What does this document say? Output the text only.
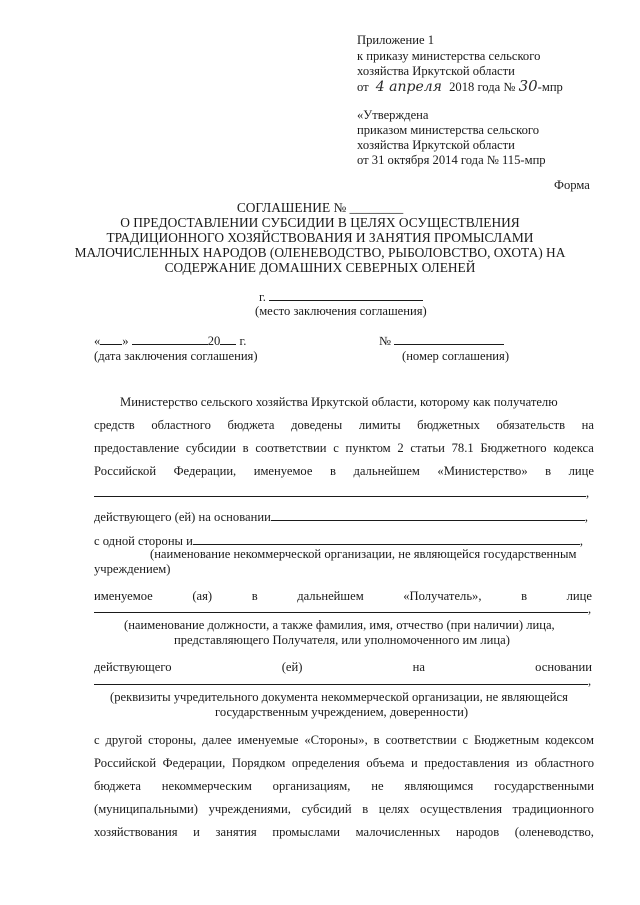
Приложение 1
к приказу министерства сельского
хозяйства Иркутской области
от 4 апреля 2018 года № 30-мпр
«Утверждена
приказом министерства сельского
хозяйства Иркутской области
от 31 октября 2014 года № 115-мпр
Форма
СОГЛАШЕНИЕ № ________
О ПРЕДОСТАВЛЕНИИ СУБСИДИИ В ЦЕЛЯХ ОСУЩЕСТВЛЕНИЯ
ТРАДИЦИОННОГО ХОЗЯЙСТВОВАНИЯ И ЗАНЯТИЯ ПРОМЫСЛАМИ
МАЛОЧИСЛЕННЫХ НАРОДОВ (ОЛЕНЕВОДСТВО, РЫБОЛОВСТВО, ОХОТА) НА
СОДЕРЖАНИЕ ДОМАШНИХ СЕВЕРНЫХ ОЛЕНЕЙ
г.
(место заключения соглашения)
« »	20 г.	№
(дата заключения соглашения)	(номер соглашения)
Министерство сельского хозяйства Иркутской области, которому как получателю
средств областного бюджета доведены лимиты бюджетных обязательств на
предоставление субсидии в соответствии с пунктом 2 статьи 78.1 Бюджетного кодекса
Российской Федерации, именуемое в дальнейшем «Министерство» в лице
,
действующего (ей) на основании	,
с одной стороны и	,
(наименование некоммерческой организации, не являющейся государственным
учреждением)
именуемое	(ая)	в	дальнейшем	«Получатель»,	в	лице
,
(наименование должности, а также фамилия, имя, отчество (при наличии) лица,
представляющего Получателя, или уполномоченного им лица)
действующего	(ей)	на	основании
,
(реквизиты учредительного документа некоммерческой организации, не являющейся
государственным учреждением, доверенности)
с другой стороны, далее именуемые «Стороны», в соответствии с Бюджетным кодексом
Российской Федерации, Порядком определения объема и предоставления из областного
бюджета некоммерческим организациям, не являющимся государственными
(муниципальными) учреждениями, субсидий в целях осуществления традиционного
хозяйствования и занятия промыслами малочисленных народов (оленеводство,
